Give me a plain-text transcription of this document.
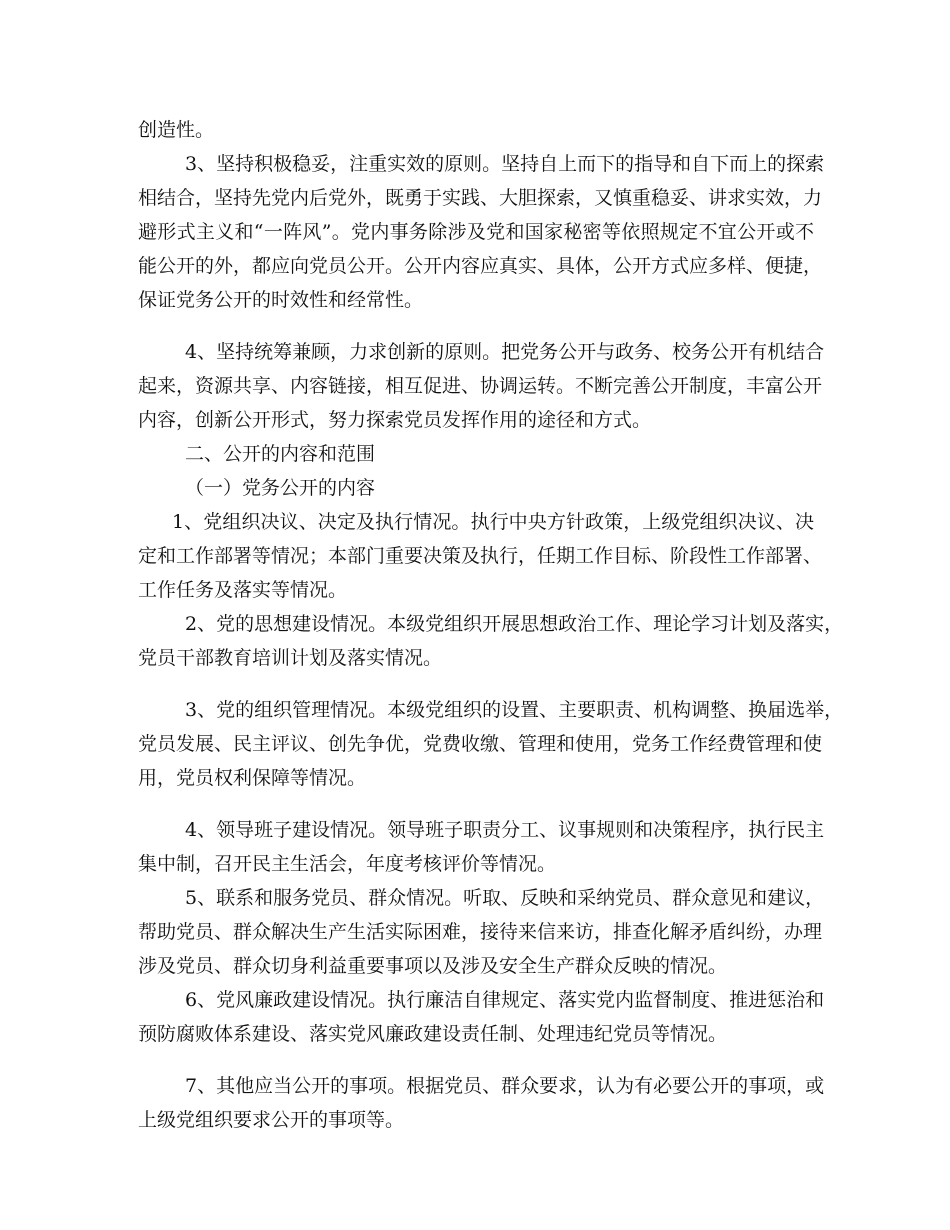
创造性。
3、坚持积极稳妥，注重实效的原则。坚持自上而下的指导和自下而上的探索
相结合，坚持先党内后党外，既勇于实践、大胆探索，又慎重稳妥、讲求实效，力
避形式主义和“一阵风”。党内事务除涉及党和国家秘密等依照规定不宜公开或不
能公开的外，都应向党员公开。公开内容应真实、具体，公开方式应多样、便捷，
保证党务公开的时效性和经常性。
4、坚持统筹兼顾，力求创新的原则。把党务公开与政务、校务公开有机结合
起来，资源共享、内容链接，相互促进、协调运转。不断完善公开制度，丰富公开
内容，创新公开形式，努力探索党员发挥作用的途径和方式。
二、公开的内容和范围
（一）党务公开的内容
1、党组织决议、决定及执行情况。执行中央方针政策，上级党组织决议、决
定和工作部署等情况；本部门重要决策及执行，任期工作目标、阶段性工作部署、
工作任务及落实等情况。
2、党的思想建设情况。本级党组织开展思想政治工作、理论学习计划及落实，
党员干部教育培训计划及落实情况。
3、党的组织管理情况。本级党组织的设置、主要职责、机构调整、换届选举，
党员发展、民主评议、创先争优，党费收缴、管理和使用，党务工作经费管理和使
用，党员权利保障等情况。
4、领导班子建设情况。领导班子职责分工、议事规则和决策程序，执行民主
集中制，召开民主生活会，年度考核评价等情况。
5、联系和服务党员、群众情况。听取、反映和采纳党员、群众意见和建议，
帮助党员、群众解决生产生活实际困难，接待来信来访，排查化解矛盾纠纷，办理
涉及党员、群众切身利益重要事项以及涉及安全生产群众反映的情况。
6、党风廉政建设情况。执行廉洁自律规定、落实党内监督制度、推进惩治和
预防腐败体系建设、落实党风廉政建设责任制、处理违纪党员等情况。
7、其他应当公开的事项。根据党员、群众要求，认为有必要公开的事项，或
上级党组织要求公开的事项等。
